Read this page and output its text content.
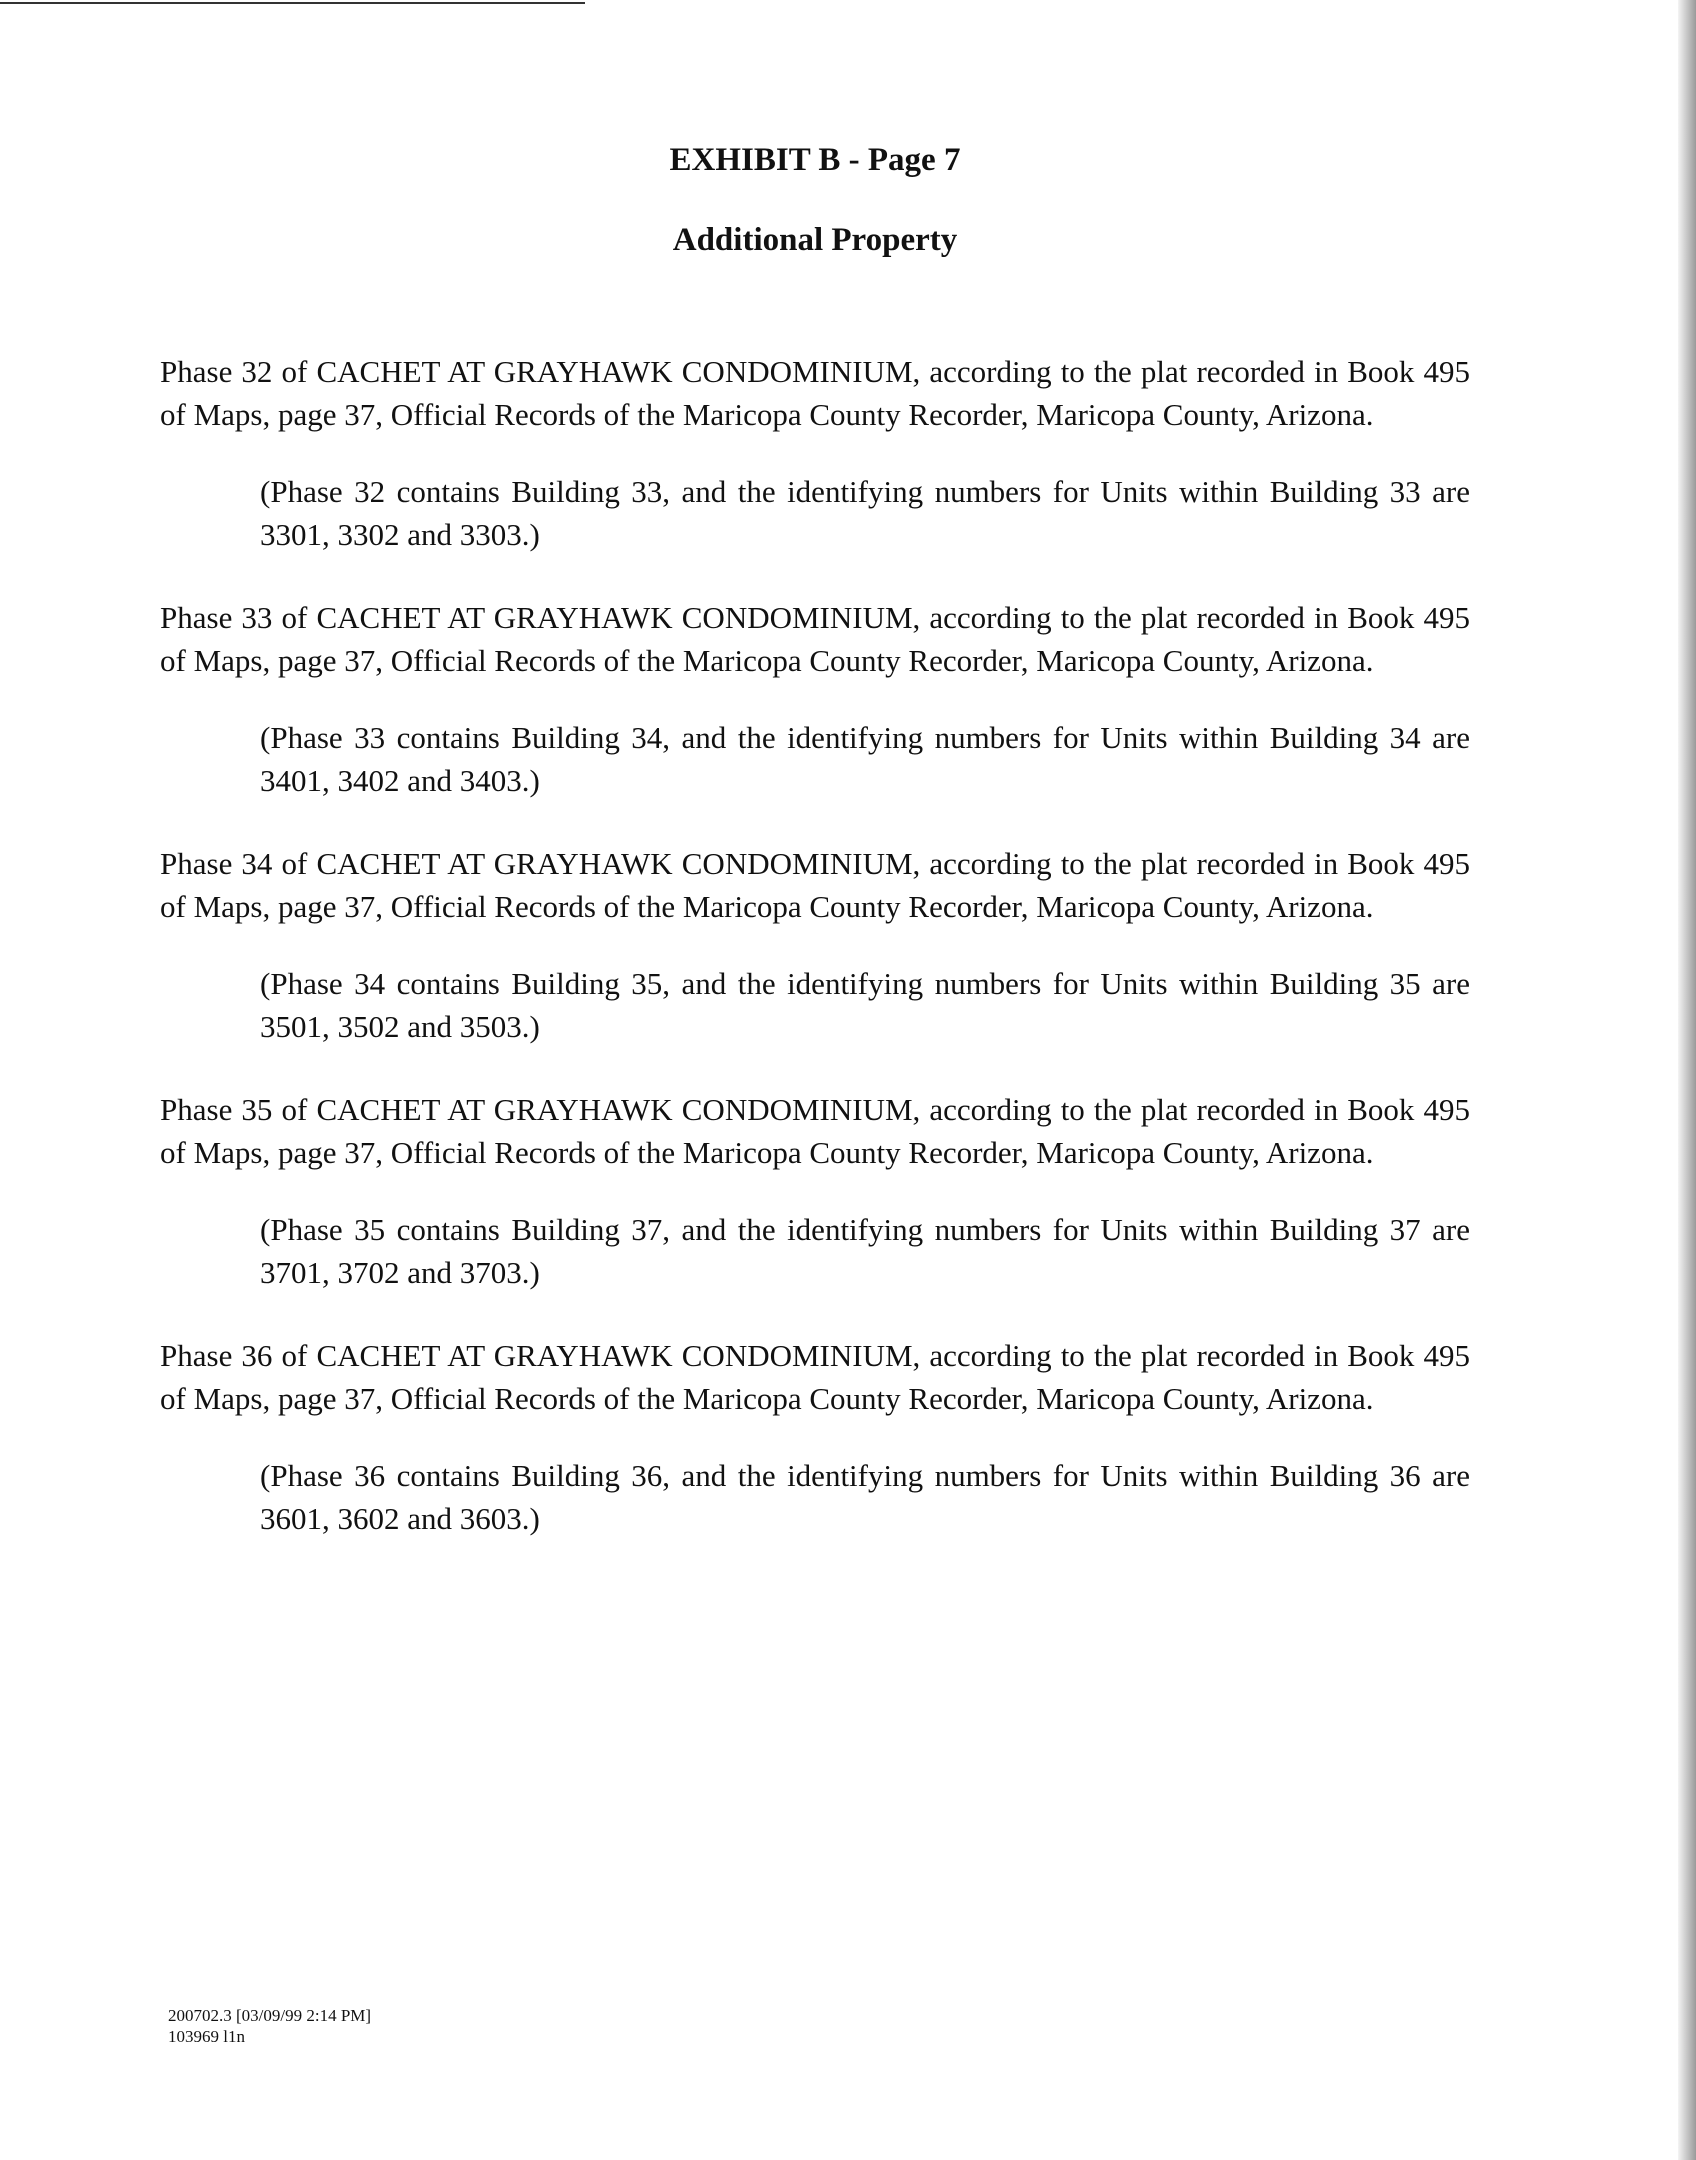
EXHIBIT B - Page 7
Additional Property

Phase 32 of CACHET AT GRAYHAWK CONDOMINIUM, according to the plat recorded in Book 495 of Maps, page 37, Official Records of the Maricopa County Recorder, Maricopa County, Arizona.

(Phase 32 contains Building 33, and the identifying numbers for Units within Building 33 are 3301, 3302 and 3303.)

Phase 33 of CACHET AT GRAYHAWK CONDOMINIUM, according to the plat recorded in Book 495 of Maps, page 37, Official Records of the Maricopa County Recorder, Maricopa County, Arizona.

(Phase 33 contains Building 34, and the identifying numbers for Units within Building 34 are 3401, 3402 and 3403.)

Phase 34 of CACHET AT GRAYHAWK CONDOMINIUM, according to the plat recorded in Book 495 of Maps, page 37, Official Records of the Maricopa County Recorder, Maricopa County, Arizona.

(Phase 34 contains Building 35, and the identifying numbers for Units within Building 35 are 3501, 3502 and 3503.)

Phase 35 of CACHET AT GRAYHAWK CONDOMINIUM, according to the plat recorded in Book 495 of Maps, page 37, Official Records of the Maricopa County Recorder, Maricopa County, Arizona.

(Phase 35 contains Building 37, and the identifying numbers for Units within Building 37 are 3701, 3702 and 3703.)

Phase 36 of CACHET AT GRAYHAWK CONDOMINIUM, according to the plat recorded in Book 495 of Maps, page 37, Official Records of the Maricopa County Recorder, Maricopa County, Arizona.

(Phase 36 contains Building 36, and the identifying numbers for Units within Building 36 are 3601, 3602 and 3603.)

200702.3 [03/09/99 2:14 PM]
103969 l1n
